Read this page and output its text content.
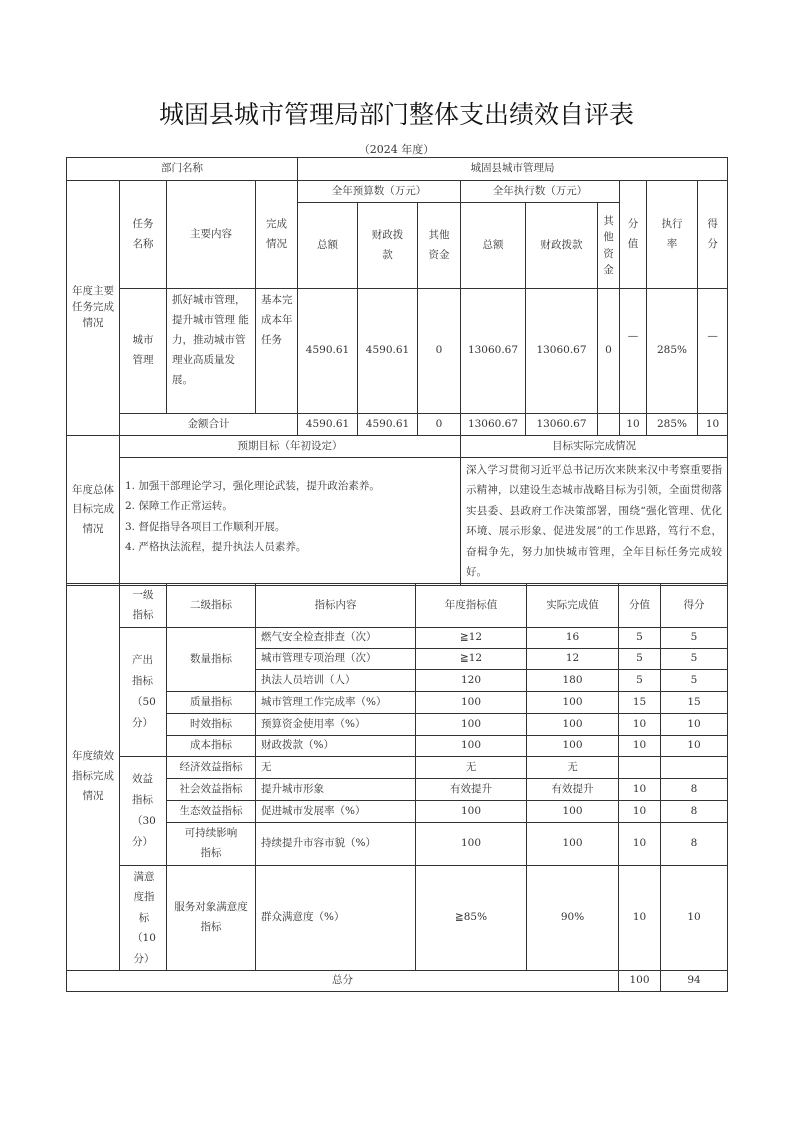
城固县城市管理局部门整体支出绩效自评表
（2024 年度）
部门名称				城固县城市管理局								
年度主要任务完成情况	任务名称	主要内容	完成情况	全年预算数（万元）			全年执行数（万元）			分值	执行率	得分
				总额	财政拨款	其他资金	总额	财政拨款	其他资金			
	城市管理	抓好城市管理，提升城市管理 能力，推动城市管理业高质量发展。	基本完成本年任务	4590.61	4590.61	0	13060.67	13060.67	0	—	285%	—
	金额合计			4590.61	4590.61	0	13060.67	13060.67		10	285%	10
年度总体目标完成情况	预期目标（年初设定）	目标实际完成情况

	1. 加强干部理论学习，强化理论武装，提升政治素养。
2. 保障工作正常运转。
3. 督促指导各项目工作顺利开展。
4. 严格执法流程，提升执法人员素养。	深入学习贯彻习近平总书记历次来陕来汉中考察重要指示精神，以建设生态城市战略目标为引领，全面贯彻落实县委、县政府工作决策部署，围绕“强化管理、优化环境、展示形象、促进发展”的工作思路，笃行不怠，奋楫争先，努力加快城市管理，全年目标任务完成较好。
年度绩效指标完成情况	一级指标	二级指标	指标内容	年度指标值	实际完成值	分值	得分
	产出指标（50分）	数量指标	燃气安全检查排查（次）	≧12	16	5	5
			城市管理专项治理（次）	≧12	12	5	5
			执法人员培训（人）	120	180	5	5
		质量指标	城市管理工作完成率（%）	100	100	15	15
		时效指标	预算资金使用率（%）	100	100	10	10
		成本指标	财政拨款（%）	100	100	10	10
	效益指标（30分）	经济效益指标	无	无	无		
		社会效益指标	提升城市形象	有效提升	有效提升	10	8
		生态效益指标	促进城市发展率（%）	100	100	10	8
		可持续影响指标	持续提升市容市貌（%）	100	100	10	8
	满意度指标（10分）	服务对象满意度指标	群众满意度（%）	≧85%	90%	10	10
总分						100	94
